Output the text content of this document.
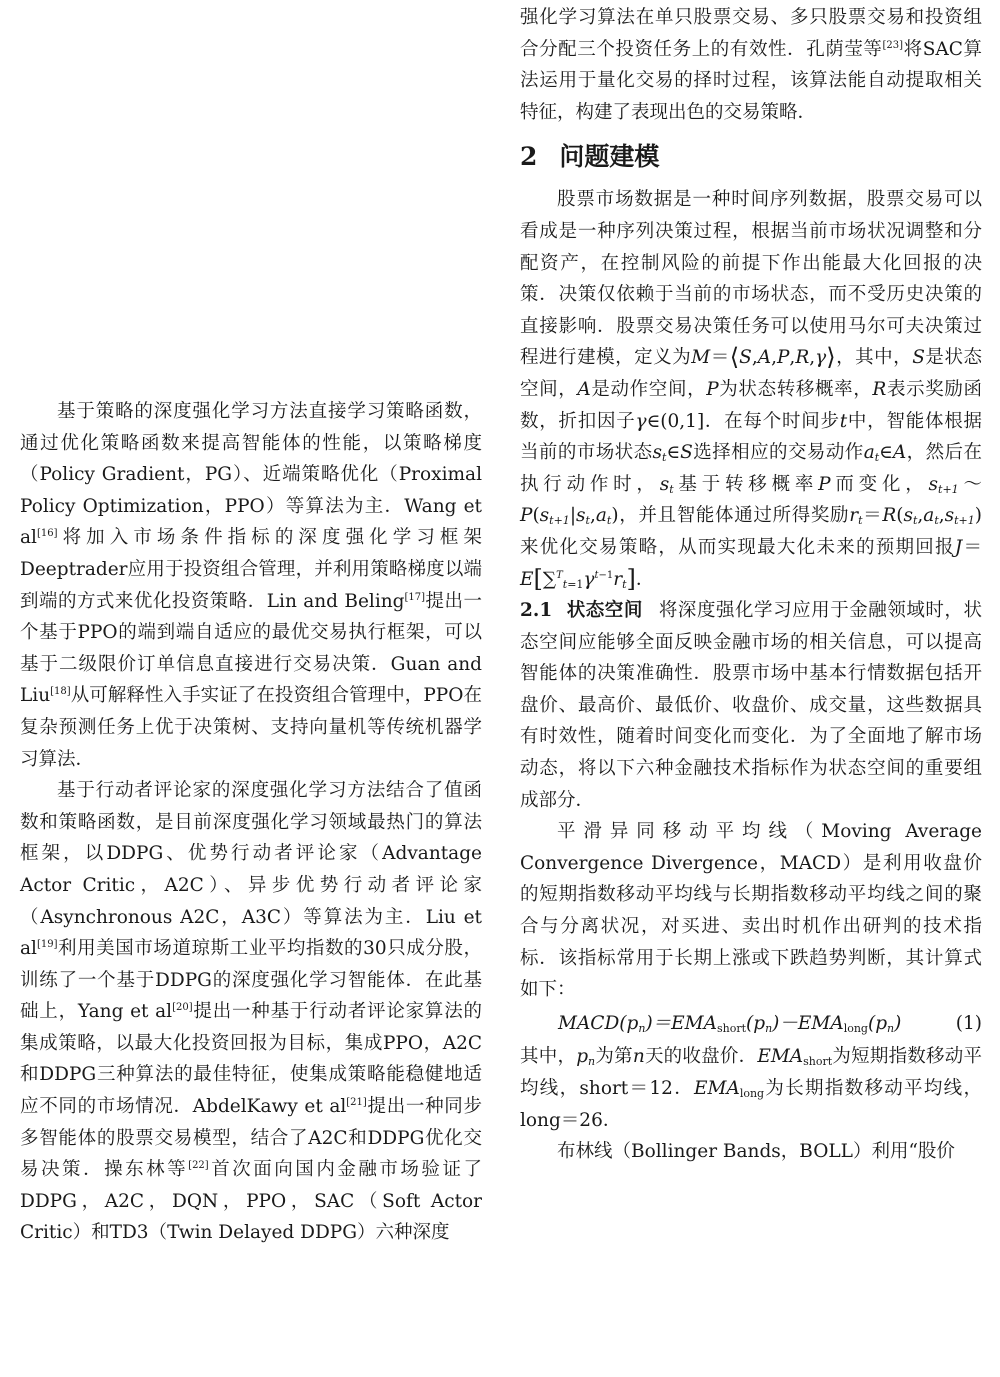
基于策略的深度强化学习方法直接学习策略函数，通过优化策略函数来提高智能体的性能，以策略梯度（Policy Gradient，PG）、近端策略优化（Proximal Policy Optimization，PPO）等算法为主．Wang et al[16]将加入市场条件指标的深度强化学习框架Deeptrader应用于投资组合管理，并利用策略梯度以端到端的方式来优化投资策略．Lin and Beling[17]提出一个基于PPO的端到端自适应的最优交易执行框架，可以基于二级限价订单信息直接进行交易决策．Guan and Liu[18]从可解释性入手实证了在投资组合管理中，PPO在复杂预测任务上优于决策树、支持向量机等传统机器学习算法．

基于行动者评论家的深度强化学习方法结合了值函数和策略函数，是目前深度强化学习领域最热门的算法框架，以DDPG、优势行动者评论家（Advantage Actor Critic，A2C）、异步优势行动者评论家（Asynchronous A2C，A3C）等算法为主．Liu et al[19]利用美国市场道琼斯工业平均指数的30只成分股，训练了一个基于DDPG的深度强化学习智能体．在此基础上，Yang et al[20]提出一种基于行动者评论家算法的集成策略，以最大化投资回报为目标，集成PPO，A2C和DDPG三种算法的最佳特征，使集成策略能稳健地适应不同的市场情况．AbdelKawy et al[21]提出一种同步多智能体的股票交易模型，结合了A2C和DDPG优化交易决策．操东林等[22]首次面向国内金融市场验证了DDPG，A2C，DQN，PPO，SAC（Soft Actor Critic）和TD3（Twin Delayed DDPG）六种深度

强化学习算法在单只股票交易、多只股票交易和投资组合分配三个投资任务上的有效性．孔荫莹等[23]将SAC算法运用于量化交易的择时过程，该算法能自动提取相关特征，构建了表现出色的交易策略．

2 问题建模

股票市场数据是一种时间序列数据，股票交易可以看成是一种序列决策过程，根据当前市场状况调整和分配资产，在控制风险的前提下作出能最大化回报的决策．决策仅依赖于当前的市场状态，而不受历史决策的直接影响．股票交易决策任务可以使用马尔可夫决策过程进行建模，定义为M＝⟨S,A,P,R,γ⟩，其中，S是状态空间，A是动作空间，P为状态转移概率，R表示奖励函数，折扣因子γ∈(0,1]．在每个时间步t中，智能体根据当前的市场状态$s_t\in S$选择相应的交易动作$a_t\in A$，然后在执行动作时，$s_t$基于转移概率P而变化，$s_{t+1}\sim P(s_{t+1}|s_t,a_t)$，并且智能体通过所得奖励$r_t=R(s_t,a_t,s_{t+1})$来优化交易策略，从而实现最大化未来的预期回报$J=E[\sum^T_{t=1}\gamma^{t-1}r_t]$．

2.1 状态空间 将深度强化学习应用于金融领域时，状态空间应能够全面反映金融市场的相关信息，可以提高智能体的决策准确性．股票市场中基本行情数据包括开盘价、最高价、最低价、收盘价、成交量，这些数据具有时效性，随着时间变化而变化．为了全面地了解市场动态，将以下六种金融技术指标作为状态空间的重要组成部分．

平滑异同移动平均线（Moving Average Convergence Divergence，MACD）是利用收盘价的短期指数移动平均线与长期指数移动平均线之间的聚合与分离状况，对买进、卖出时机作出研判的技术指标．该指标常用于长期上涨或下跌趋势判断，其计算式如下：

$MACD(p_n)=EMA_{short}(p_n)-EMA_{long}(p_n)$	(1)

其中，$p_n$为第n天的收盘价．$EMA_{short}$为短期指数移动平均线，short＝12．$EMA_{long}$为长期指数移动平均线，long＝26．

布林线（Bollinger Bands，BOLL）利用“股价
